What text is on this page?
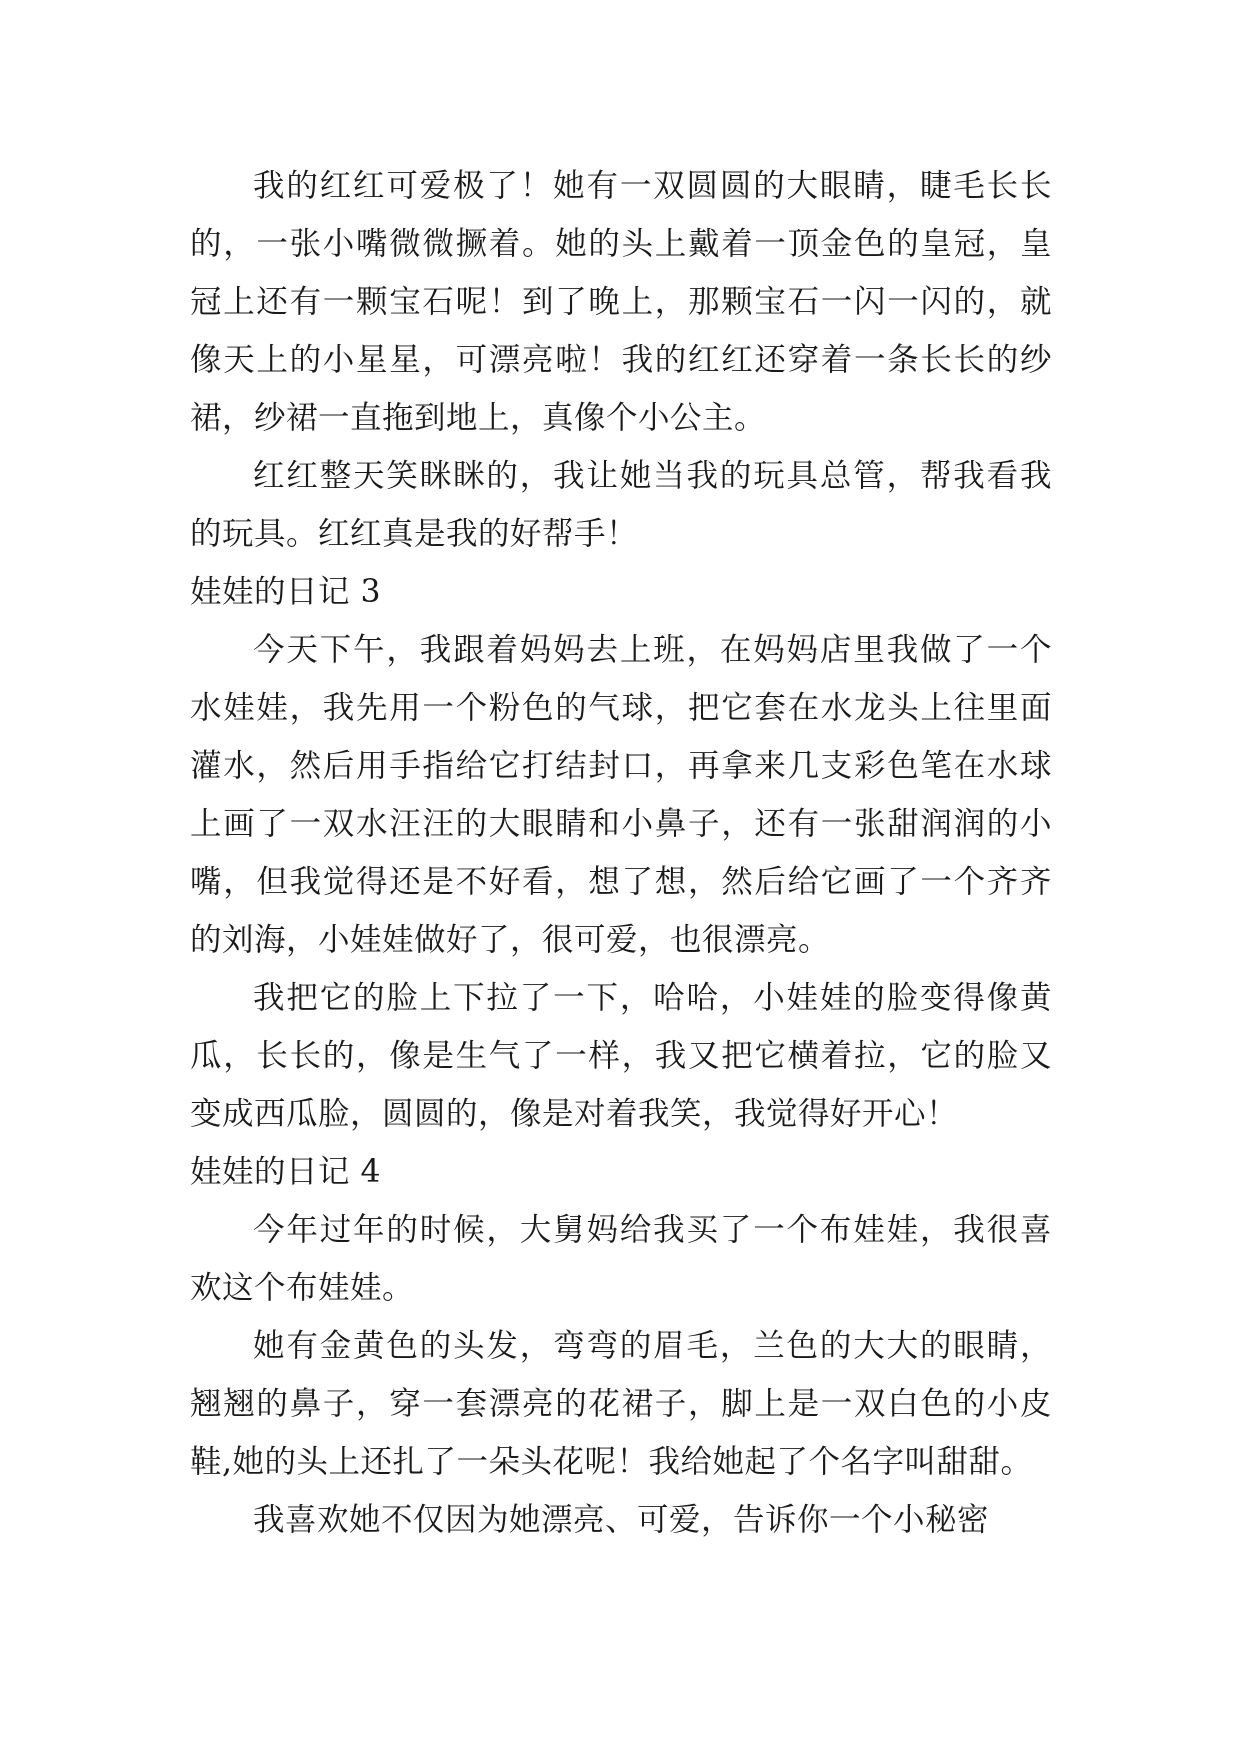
我的红红可爱极了！她有一双圆圆的大眼睛，睫毛长长的，一张小嘴微微撅着。她的头上戴着一顶金色的皇冠，皇冠上还有一颗宝石呢！到了晚上，那颗宝石一闪一闪的，就像天上的小星星，可漂亮啦！我的红红还穿着一条长长的纱裙，纱裙一直拖到地上，真像个小公主。

红红整天笑眯眯的，我让她当我的玩具总管，帮我看我的玩具。红红真是我的好帮手！

娃娃的日记 3

今天下午，我跟着妈妈去上班，在妈妈店里我做了一个水娃娃，我先用一个粉色的气球，把它套在水龙头上往里面灌水，然后用手指给它打结封口，再拿来几支彩色笔在水球上画了一双水汪汪的大眼睛和小鼻子，还有一张甜润润的小嘴，但我觉得还是不好看，想了想，然后给它画了一个齐齐的刘海，小娃娃做好了，很可爱，也很漂亮。

我把它的脸上下拉了一下，哈哈，小娃娃的脸变得像黄瓜，长长的，像是生气了一样，我又把它横着拉，它的脸又变成西瓜脸，圆圆的，像是对着我笑，我觉得好开心！

娃娃的日记 4

今年过年的时候，大舅妈给我买了一个布娃娃，我很喜欢这个布娃娃。

她有金黄色的头发，弯弯的眉毛，兰色的大大的眼睛，翘翘的鼻子，穿一套漂亮的花裙子，脚上是一双白色的小皮鞋,她的头上还扎了一朵头花呢！我给她起了个名字叫甜甜。

我喜欢她不仅因为她漂亮、可爱，告诉你一个小秘密
